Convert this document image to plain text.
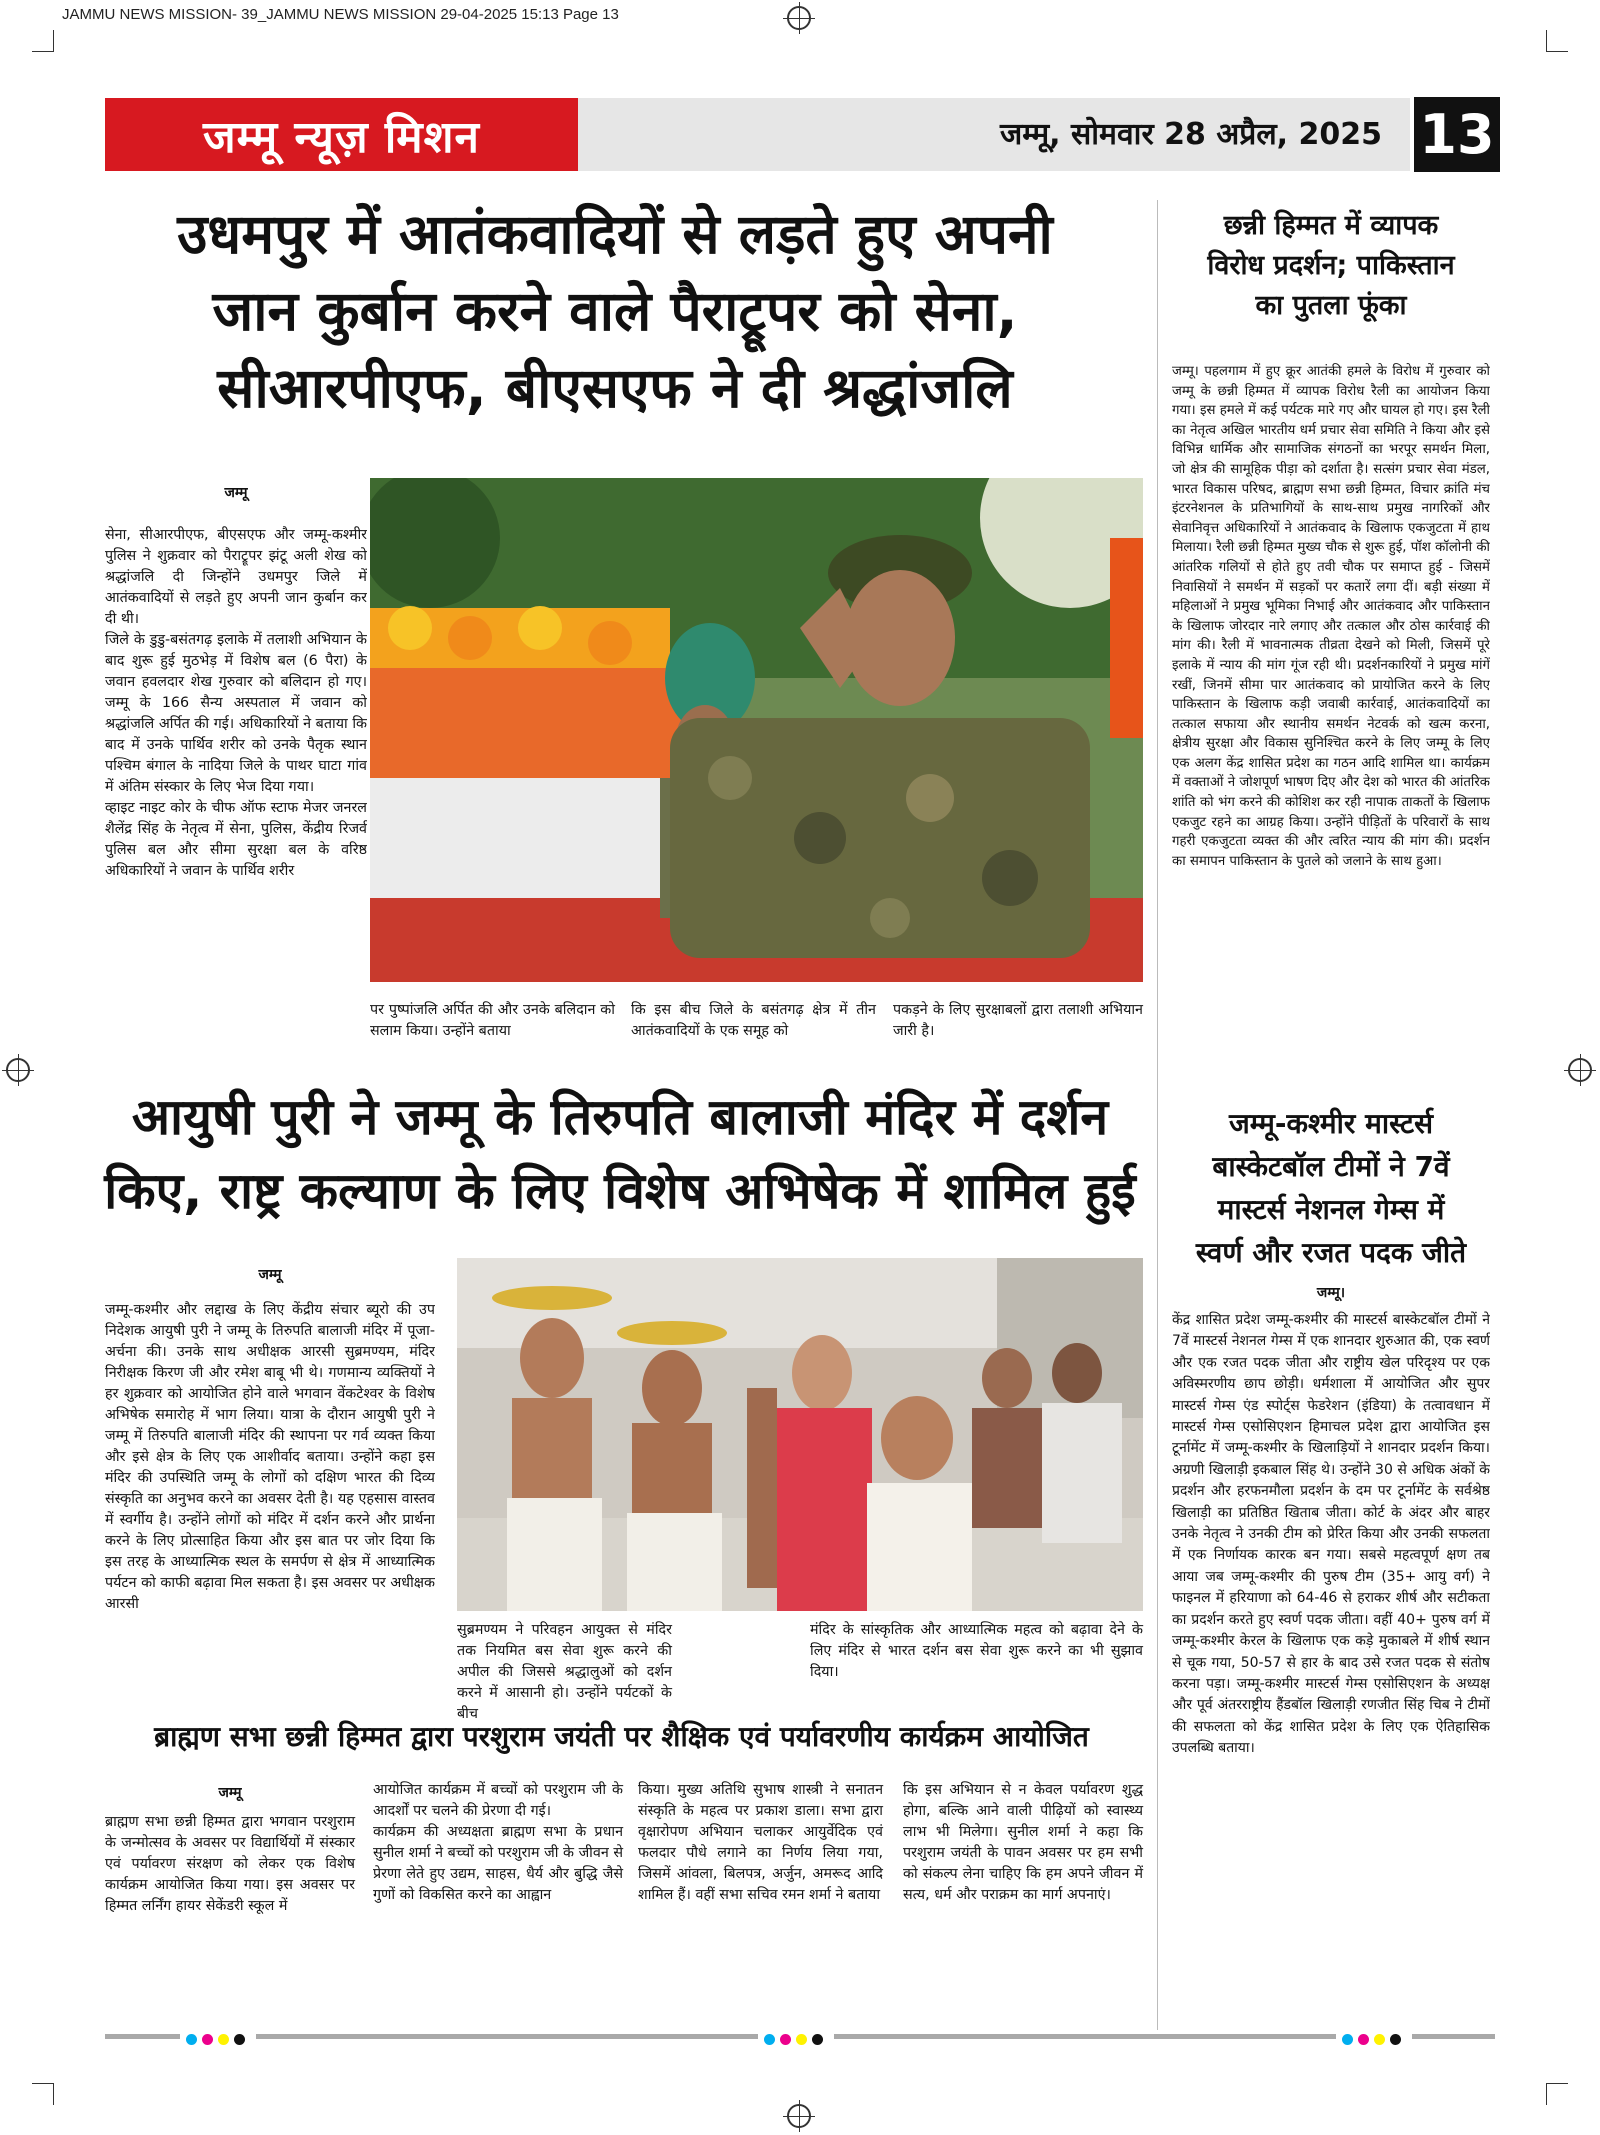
JAMMU NEWS MISSION- 39_JAMMU NEWS MISSION 29-04-2025 15:13 Page 13
जम्मू न्यूज़ मिशन	जम्मू, सोमवार 28 अप्रैल, 2025 13
उधमपुर में आतंकवादियों से लड़ते हुए अपनी
जान कुर्बान करने वाले पैराट्रूपर को सेना,
सीआरपीएफ, बीएसएफ ने दी श्रद्धांजलि
जम्मू
सेना, सीआरपीएफ, बीएसएफ और जम्मू-कश्मीर पुलिस ने शुक्रवार को पैराट्रूपर झंटू अली शेख को श्रद्धांजलि दी जिन्होंने उधमपुर जिले में आतंकवादियों से लड़ते हुए अपनी जान कुर्बान कर दी थी।
जिले के डुडु-बसंतगढ़ इलाके में तलाशी अभियान के बाद शुरू हुई मुठभेड़ में विशेष बल (6 पैरा) के जवान हवलदार शेख गुरुवार को बलिदान हो गए। जम्मू के 166 सैन्य अस्पताल में जवान को श्रद्धांजलि अर्पित की गई। अधिकारियों ने बताया कि बाद में उनके पार्थिव शरीर को उनके पैतृक स्थान पश्चिम बंगाल के नादिया जिले के पाथर घाटा गांव में अंतिम संस्कार के लिए भेज दिया गया।
व्हाइट नाइट कोर के चीफ ऑफ स्टाफ मेजर जनरल शैलेंद्र सिंह के नेतृत्व में सेना, पुलिस, केंद्रीय रिजर्व पुलिस बल और सीमा सुरक्षा बल के वरिष्ठ अधिकारियों ने जवान के पार्थिव शरीर
पर पुष्पांजलि अर्पित की और उनके बलिदान को सलाम किया। उन्होंने बताया
कि इस बीच जिले के बसंतगढ़ क्षेत्र में तीन आतंकवादियों के एक समूह को
पकड़ने के लिए सुरक्षाबलों द्वारा तलाशी अभियान जारी है।
छन्नी हिम्मत में व्यापक
विरोध प्रदर्शन; पाकिस्तान
का पुतला फूंका
जम्मू। पहलगाम में हुए क्रूर आतंकी हमले के विरोध में गुरुवार को जम्मू के छन्नी हिम्मत में व्यापक विरोध रैली का आयोजन किया गया। इस हमले में कई पर्यटक मारे गए और घायल हो गए। इस रैली का नेतृत्व अखिल भारतीय धर्म प्रचार सेवा समिति ने किया और इसे विभिन्न धार्मिक और सामाजिक संगठनों का भरपूर समर्थन मिला, जो क्षेत्र की सामूहिक पीड़ा को दर्शाता है। सत्संग प्रचार सेवा मंडल, भारत विकास परिषद, ब्राह्मण सभा छन्नी हिम्मत, विचार क्रांति मंच इंटरनेशनल के प्रतिभागियों के साथ-साथ प्रमुख नागरिकों और सेवानिवृत्त अधिकारियों ने आतंकवाद के खिलाफ एकजुटता में हाथ मिलाया। रैली छन्नी हिम्मत मुख्य चौक से शुरू हुई, पॉश कॉलोनी की आंतरिक गलियों से होते हुए तवी चौक पर समाप्त हुई - जिसमें निवासियों ने समर्थन में सड़कों पर कतारें लगा दीं। बड़ी संख्या में महिलाओं ने प्रमुख भूमिका निभाई और आतंकवाद और पाकिस्तान के खिलाफ जोरदार नारे लगाए और तत्काल और ठोस कार्रवाई की मांग की। रैली में भावनात्मक तीव्रता देखने को मिली, जिसमें पूरे इलाके में न्याय की मांग गूंज रही थी। प्रदर्शनकारियों ने प्रमुख मांगें रखीं, जिनमें सीमा पार आतंकवाद को प्रायोजित करने के लिए पाकिस्तान के खिलाफ कड़ी जवाबी कार्रवाई, आतंकवादियों का तत्काल सफाया और स्थानीय समर्थन नेटवर्क को खत्म करना, क्षेत्रीय सुरक्षा और विकास सुनिश्चित करने के लिए जम्मू के लिए एक अलग केंद्र शासित प्रदेश का गठन आदि शामिल था। कार्यक्रम में वक्ताओं ने जोशपूर्ण भाषण दिए और देश को भारत की आंतरिक शांति को भंग करने की कोशिश कर रही नापाक ताकतों के खिलाफ एकजुट रहने का आग्रह किया। उन्होंने पीड़ितों के परिवारों के साथ गहरी एकजुटता व्यक्त की और त्वरित न्याय की मांग की। प्रदर्शन का समापन पाकिस्तान के पुतले को जलाने के साथ हुआ।
आयुषी पुरी ने जम्मू के तिरुपति बालाजी मंदिर में दर्शन
किए, राष्ट्र कल्याण के लिए विशेष अभिषेक में शामिल हुई
जम्मू
जम्मू-कश्मीर और लद्दाख के लिए केंद्रीय संचार ब्यूरो की उप निदेशक आयुषी पुरी ने जम्मू के तिरुपति बालाजी मंदिर में पूजा-अर्चना की। उनके साथ अधीक्षक आरसी सुब्रमण्यम, मंदिर निरीक्षक किरण जी और रमेश बाबू भी थे। गणमान्य व्यक्तियों ने हर शुक्रवार को आयोजित होने वाले भगवान वेंकटेश्वर के विशेष अभिषेक समारोह में भाग लिया। यात्रा के दौरान आयुषी पुरी ने जम्मू में तिरुपति बालाजी मंदिर की स्थापना पर गर्व व्यक्त किया और इसे क्षेत्र के लिए एक आशीर्वाद बताया। उन्होंने कहा इस मंदिर की उपस्थिति जम्मू के लोगों को दक्षिण भारत की दिव्य संस्कृति का अनुभव करने का अवसर देती है। यह एहसास वास्तव में स्वर्गीय है। उन्होंने लोगों को मंदिर में दर्शन करने और प्रार्थना करने के लिए प्रोत्साहित किया और इस बात पर जोर दिया कि इस तरह के आध्यात्मिक स्थल के समर्पण से क्षेत्र में आध्यात्मिक पर्यटन को काफी बढ़ावा मिल सकता है। इस अवसर पर अधीक्षक आरसी
सुब्रमण्यम ने परिवहन आयुक्त से मंदिर तक नियमित बस सेवा शुरू करने की अपील की जिससे श्रद्धालुओं को दर्शन करने में आसानी हो। उन्होंने पर्यटकों के बीच
मंदिर के सांस्कृतिक और आध्यात्मिक महत्व को बढ़ावा देने के लिए मंदिर से भारत दर्शन बस सेवा शुरू करने का भी सुझाव दिया।
जम्मू-कश्मीर मास्टर्स
बास्केटबॉल टीमों ने 7वें
मास्टर्स नेशनल गेम्स में
स्वर्ण और रजत पदक जीते
जम्मू।
केंद्र शासित प्रदेश जम्मू-कश्मीर की मास्टर्स बास्केटबॉल टीमों ने 7वें मास्टर्स नेशनल गेम्स में एक शानदार शुरुआत की, एक स्वर्ण और एक रजत पदक जीता और राष्ट्रीय खेल परिदृश्य पर एक अविस्मरणीय छाप छोड़ी। धर्मशाला में आयोजित और सुपर मास्टर्स गेम्स एंड स्पोर्ट्स फेडरेशन (इंडिया) के तत्वावधान में मास्टर्स गेम्स एसोसिएशन हिमाचल प्रदेश द्वारा आयोजित इस टूर्नामेंट में जम्मू-कश्मीर के खिलाड़ियों ने शानदार प्रदर्शन किया। अग्रणी खिलाड़ी इकबाल सिंह थे। उन्होंने 30 से अधिक अंकों के प्रदर्शन और हरफनमौला प्रदर्शन के दम पर टूर्नामेंट के सर्वश्रेष्ठ खिलाड़ी का प्रतिष्ठित खिताब जीता। कोर्ट के अंदर और बाहर उनके नेतृत्व ने उनकी टीम को प्रेरित किया और उनकी सफलता में एक निर्णायक कारक बन गया। सबसे महत्वपूर्ण क्षण तब आया जब जम्मू-कश्मीर की पुरुष टीम (35+ आयु वर्ग) ने फाइनल में हरियाणा को 64-46 से हराकर शीर्ष और सटीकता का प्रदर्शन करते हुए स्वर्ण पदक जीता। वहीं 40+ पुरुष वर्ग में जम्मू-कश्मीर केरल के खिलाफ एक कड़े मुकाबले में शीर्ष स्थान से चूक गया, 50-57 से हार के बाद उसे रजत पदक से संतोष करना पड़ा। जम्मू-कश्मीर मास्टर्स गेम्स एसोसिएशन के अध्यक्ष और पूर्व अंतरराष्ट्रीय हैंडबॉल खिलाड़ी रणजीत सिंह चिब ने टीमों की सफलता को केंद्र शासित प्रदेश के लिए एक ऐतिहासिक उपलब्धि बताया।
ब्राह्मण सभा छन्नी हिम्मत द्वारा परशुराम जयंती पर शैक्षिक एवं पर्यावरणीय कार्यक्रम आयोजित
जम्मू
ब्राह्मण सभा छन्नी हिम्मत द्वारा भगवान परशुराम के जन्मोत्सव के अवसर पर विद्यार्थियों में संस्कार एवं पर्यावरण संरक्षण को लेकर एक विशेष कार्यक्रम आयोजित किया गया। इस अवसर पर हिम्मत लर्निंग हायर सेकेंडरी स्कूल में
आयोजित कार्यक्रम में बच्चों को परशुराम जी के आदर्शों पर चलने की प्रेरणा दी गई।
कार्यक्रम की अध्यक्षता ब्राह्मण सभा के प्रधान सुनील शर्मा ने बच्चों को परशुराम जी के जीवन से प्रेरणा लेते हुए उद्यम, साहस, धैर्य और बुद्धि जैसे गुणों को विकसित करने का आह्वान
किया। मुख्य अतिथि सुभाष शास्त्री ने सनातन संस्कृति के महत्व पर प्रकाश डाला। सभा द्वारा वृक्षारोपण अभियान चलाकर आयुर्वेदिक एवं फलदार पौधे लगाने का निर्णय लिया गया, जिसमें आंवला, बिलपत्र, अर्जुन, अमरूद आदि शामिल हैं। वहीं सभा सचिव रमन शर्मा ने बताया
कि इस अभियान से न केवल पर्यावरण शुद्ध होगा, बल्कि आने वाली पीढ़ियों को स्वास्थ्य लाभ भी मिलेगा। सुनील शर्मा ने कहा कि परशुराम जयंती के पावन अवसर पर हम सभी को संकल्प लेना चाहिए कि हम अपने जीवन में सत्य, धर्म और पराक्रम का मार्ग अपनाएं।
